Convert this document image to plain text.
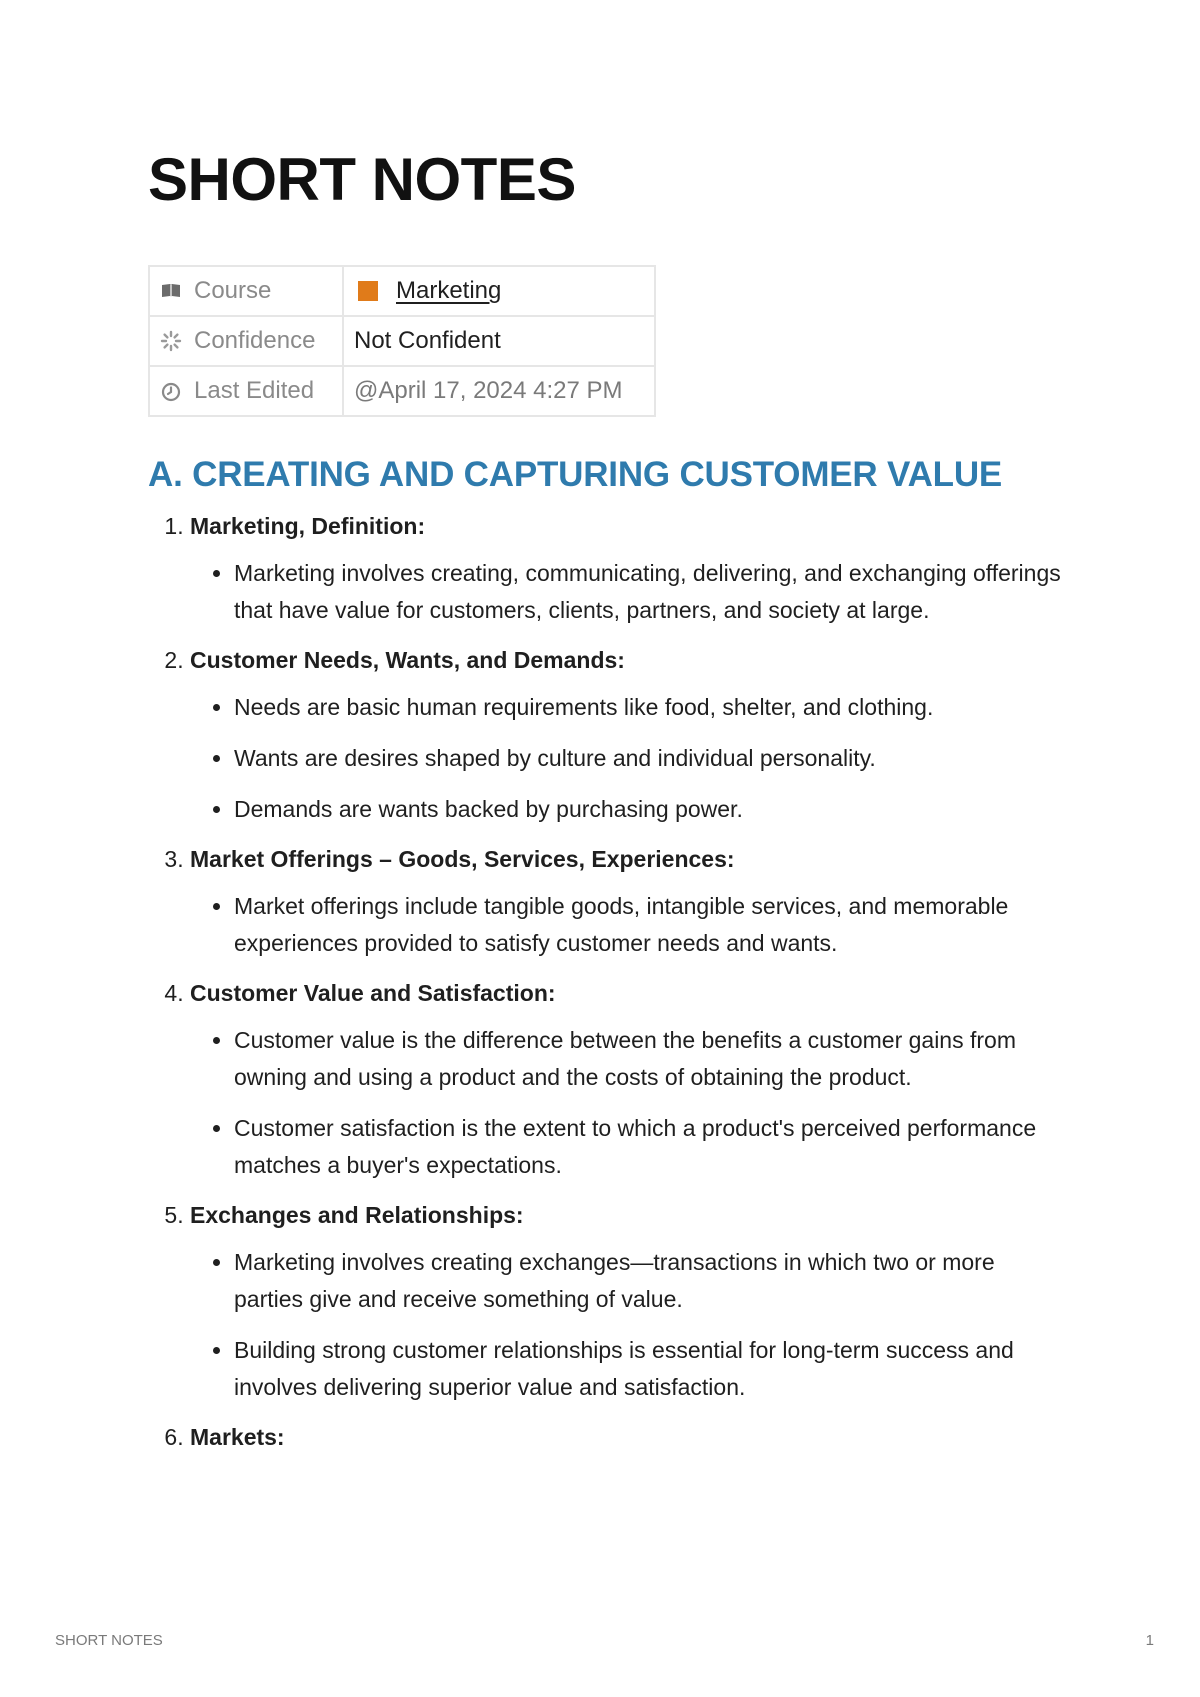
SHORT NOTES
Course	Marketing

Confidence	Not Confident

Last Edited	@April 17, 2024 4:27 PM
A. CREATING AND CAPTURING CUSTOMER VALUE
1. Marketing, Definition:
• Marketing involves creating, communicating, delivering, and exchanging offerings that have value for customers, clients, partners, and society at large.
2. Customer Needs, Wants, and Demands:
• Needs are basic human requirements like food, shelter, and clothing.
• Wants are desires shaped by culture and individual personality.
• Demands are wants backed by purchasing power.
3. Market Offerings – Goods, Services, Experiences:
• Market offerings include tangible goods, intangible services, and memorable experiences provided to satisfy customer needs and wants.
4. Customer Value and Satisfaction:
• Customer value is the difference between the benefits a customer gains from owning and using a product and the costs of obtaining the product.
• Customer satisfaction is the extent to which a product's perceived performance matches a buyer's expectations.
5. Exchanges and Relationships:
• Marketing involves creating exchanges—transactions in which two or more parties give and receive something of value.
• Building strong customer relationships is essential for long-term success and involves delivering superior value and satisfaction.
6. Markets:
SHORT NOTES	1
